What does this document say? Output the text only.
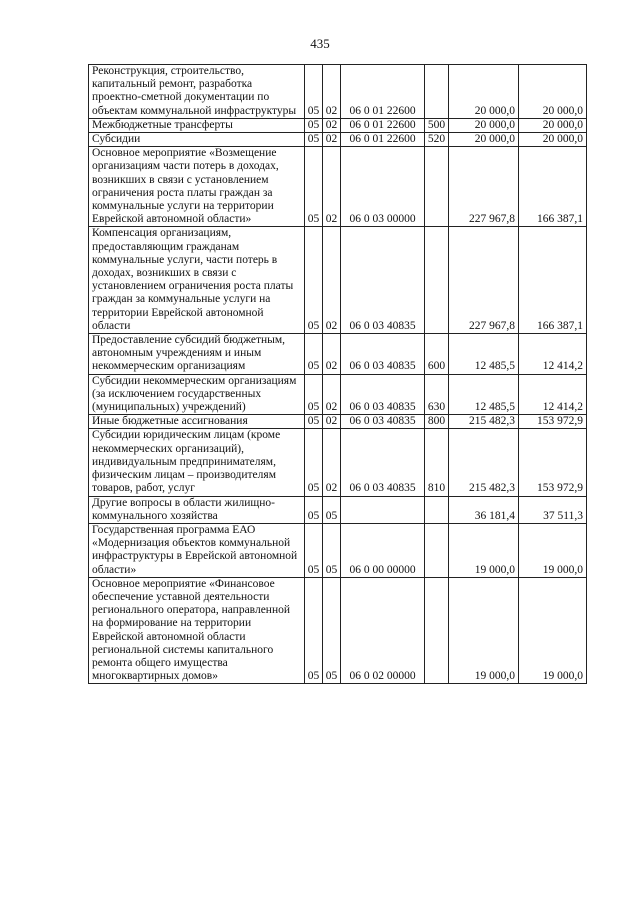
435
Реконструкция, строительство, капитальный ремонт, разработка проектно-сметной документации по объектам коммунальной инфраструктуры	05	02	06 0 01 22600		20 000,0	20 000,0
Межбюджетные трансферты	05	02	06 0 01 22600	500	20 000,0	20 000,0
Субсидии	05	02	06 0 01 22600	520	20 000,0	20 000,0
Основное мероприятие «Возмещение организациям части потерь в доходах, возникших в связи с установлением ограничения роста платы граждан за коммунальные услуги на территории Еврейской автономной области»	05	02	06 0 03 00000		227 967,8	166 387,1
Компенсация организациям, предоставляющим гражданам коммунальные услуги, части потерь в доходах, возникших в связи с установлением ограничения роста платы граждан за коммунальные услуги на территории Еврейской автономной области	05	02	06 0 03 40835		227 967,8	166 387,1
Предоставление субсидий бюджетным, автономным учреждениям и иным некоммерческим организациям	05	02	06 0 03 40835	600	12 485,5	12 414,2
Субсидии некоммерческим организациям (за исключением государственных (муниципальных) учреждений)	05	02	06 0 03 40835	630	12 485,5	12 414,2
Иные бюджетные ассигнования	05	02	06 0 03 40835	800	215 482,3	153 972,9
Субсидии юридическим лицам (кроме некоммерческих организаций), индивидуальным предпринимателям, физическим лицам – производителям товаров, работ, услуг	05	02	06 0 03 40835	810	215 482,3	153 972,9
Другие вопросы в области жилищно-коммунального хозяйства	05	05			36 181,4	37 511,3
Государственная программа ЕАО «Модернизация объектов коммунальной инфраструктуры в Еврейской автономной области»	05	05	06 0 00 00000		19 000,0	19 000,0
Основное мероприятие «Финансовое обеспечение уставной деятельности регионального оператора, направленной на формирование на территории Еврейской автономной области региональной системы капитального ремонта общего имущества многоквартирных домов»	05	05	06 0 02 00000		19 000,0	19 000,0
